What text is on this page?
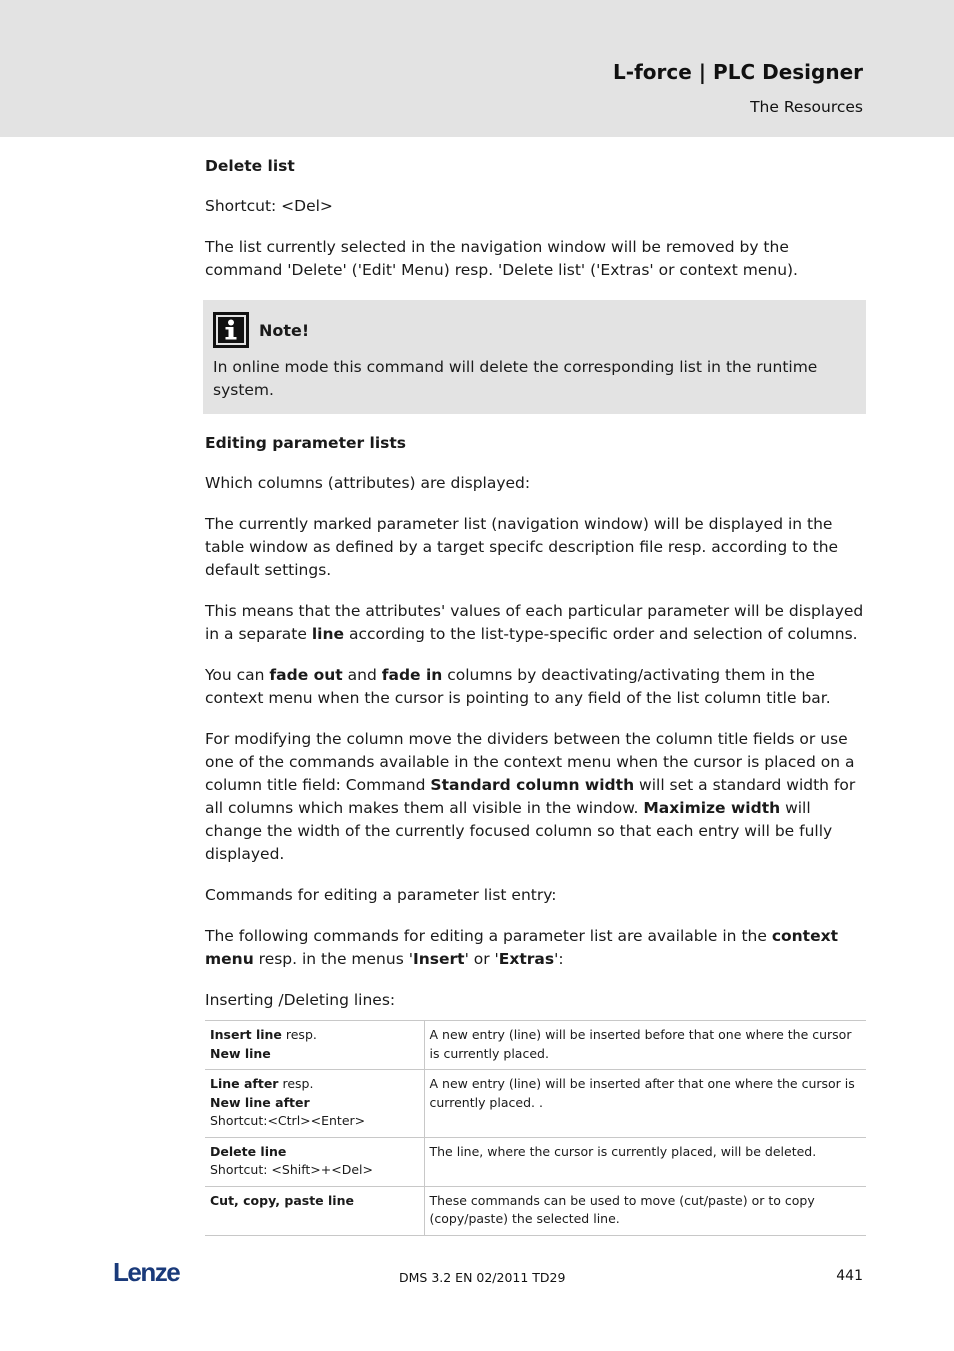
L-force | PLC Designer
The Resources
Delete list

Shortcut: <Del>

The list currently selected in the navigation window will be removed by the command 'Delete' ('Edit' Menu) resp. 'Delete list' ('Extras' or context menu).

Note!
In online mode this command will delete the corresponding list in the runtime system.
Editing parameter lists

Which columns (attributes) are displayed:

The currently marked parameter list (navigation window) will be displayed in the table window as defined by a target specifc description file resp. according to the default settings.

This means that the attributes' values of each particular parameter will be displayed in a separate line according to the list-type-specific order and selection of columns.

You can fade out and fade in columns by deactivating/activating them in the context menu when the cursor is pointing to any field of the list column title bar.

For modifying the column move the dividers between the column title fields or use one of the commands available in the context menu when the cursor is placed on a column title field: Command Standard column width will set a standard width for all columns which makes them all visible in the window. Maximize width will change the width of the currently focused column so that each entry will be fully displayed.

Commands for editing a parameter list entry:

The following commands for editing a parameter list are available in the context menu resp. in the menus 'Insert' or 'Extras':

Inserting /Deleting lines:

Insert line resp.
New line	A new entry (line) will be inserted before that one where the cursor is currently placed.
Line after resp.
New line after
Shortcut:<Ctrl><Enter>	A new entry (line) will be inserted after that one where the cursor is currently placed. .
Delete line
Shortcut: <Shift>+<Del>	The line, where the cursor is currently placed, will be deleted.
Cut, copy, paste line	These commands can be used to move (cut/paste) or to copy (copy/paste) the selected line.
Lenze	DMS 3.2 EN 02/2011 TD29	441
